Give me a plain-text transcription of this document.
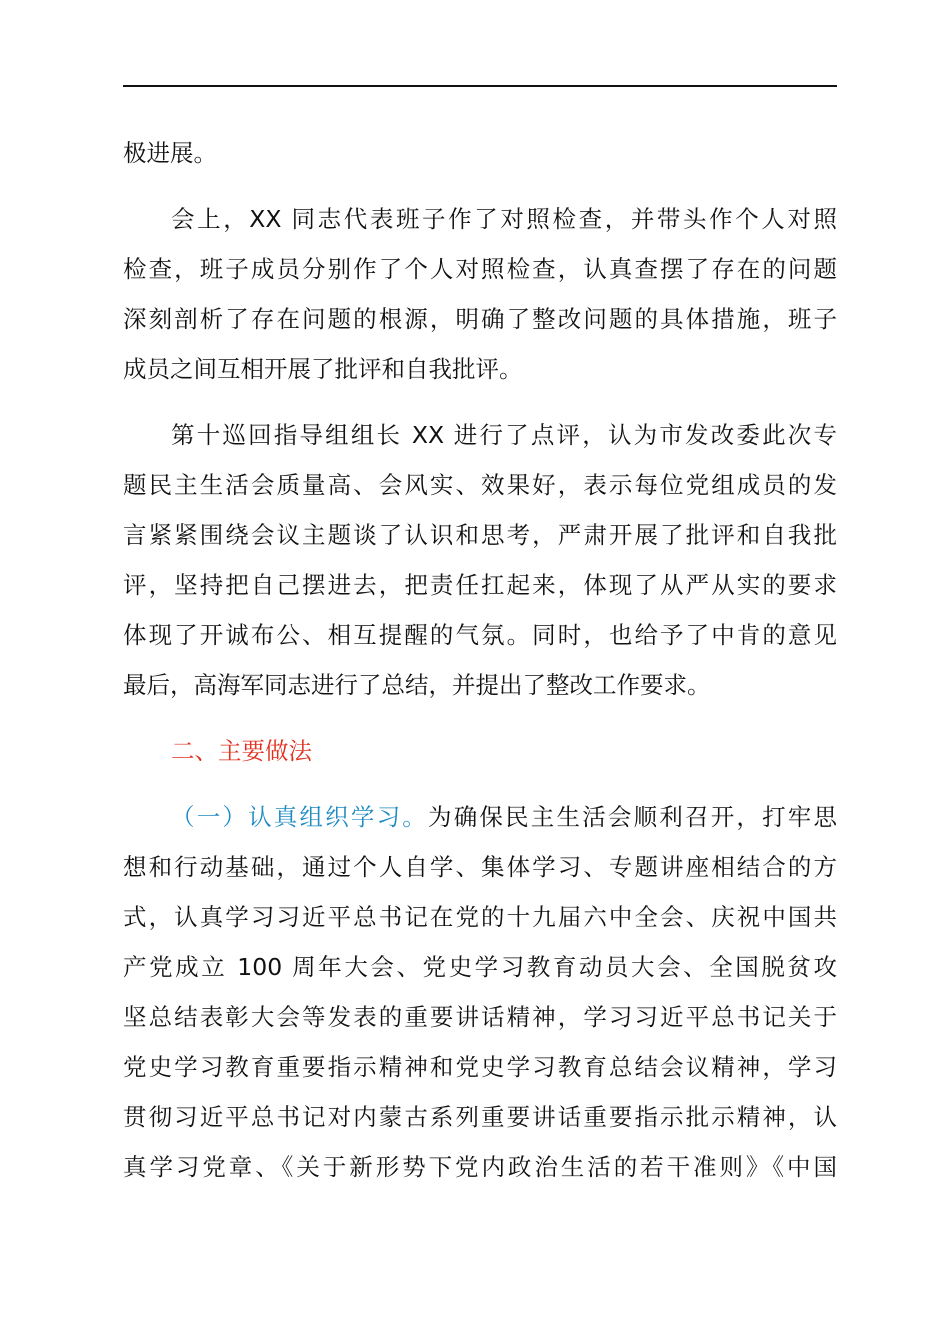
极进展。
会上，XX 同志代表班子作了对照检查，并带头作个人对照
检查，班子成员分别作了个人对照检查，认真查摆了存在的问题
深刻剖析了存在问题的根源，明确了整改问题的具体措施，班子
成员之间互相开展了批评和自我批评。
第十巡回指导组组长 XX 进行了点评，认为市发改委此次专
题民主生活会质量高、会风实、效果好，表示每位党组成员的发
言紧紧围绕会议主题谈了认识和思考，严肃开展了批评和自我批
评，坚持把自己摆进去，把责任扛起来，体现了从严从实的要求
体现了开诚布公、相互提醒的气氛。同时，也给予了中肯的意见
最后，高海军同志进行了总结，并提出了整改工作要求。
二、主要做法
（一）认真组织学习。为确保民主生活会顺利召开，打牢思
想和行动基础，通过个人自学、集体学习、专题讲座相结合的方
式，认真学习习近平总书记在党的十九届六中全会、庆祝中国共
产党成立 100 周年大会、党史学习教育动员大会、全国脱贫攻
坚总结表彰大会等发表的重要讲话精神，学习习近平总书记关于
党史学习教育重要指示精神和党史学习教育总结会议精神，学习
贯彻习近平总书记对内蒙古系列重要讲话重要指示批示精神，认
真学习党章、《关于新形势下党内政治生活的若干准则》《中国
